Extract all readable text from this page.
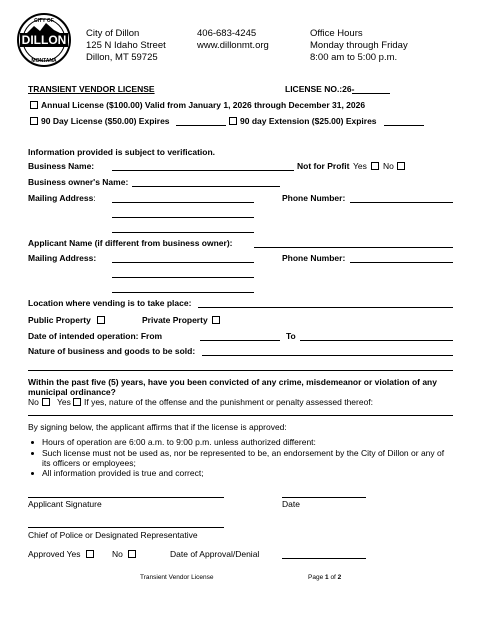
DILLON
CITY OF
MONTANA
City of Dillon
125 N Idaho Street
Dillon, MT 59725
406-683-4245
www.dillonmt.org
Office Hours
Monday through Friday
8:00 am to 5:00 p.m.
TRANSIENT VENDOR LICENSE	LICENSE NO.:26-
Annual License ($100.00) Valid from January 1, 2026 through December 31, 2026
90 Day License ($50.00) Expires	90 day Extension ($25.00) Expires
Information provided is subject to verification.
Business Name:	Not for Profit Yes No
Business owner's Name:
Mailing Address:	Phone Number:
Applicant Name (if different from business owner):
Mailing Address:	Phone Number:
Location where vending is to take place:
Public Property	Private Property
Date of intended operation: From	To
Nature of business and goods to be sold:
Within the past five (5) years, have you been convicted of any crime, misdemeanor or violation of any
municipal ordinance?
No Yes If yes, nature of the offense and the punishment or penalty assessed thereof:
By signing below, the applicant affirms that if the license is approved:
Hours of operation are 6:00 a.m. to 9:00 p.m. unless authorized different:
Such license must not be used as, nor be represented to be, an endorsement by the City of Dillon or any of
its officers or employees;
All information provided is true and correct;
Applicant Signature	Date
Chief of Police or Designated Representative
Approved Yes	No	Date of Approval/Denial
Transient Vendor License	Page 1 of 2
